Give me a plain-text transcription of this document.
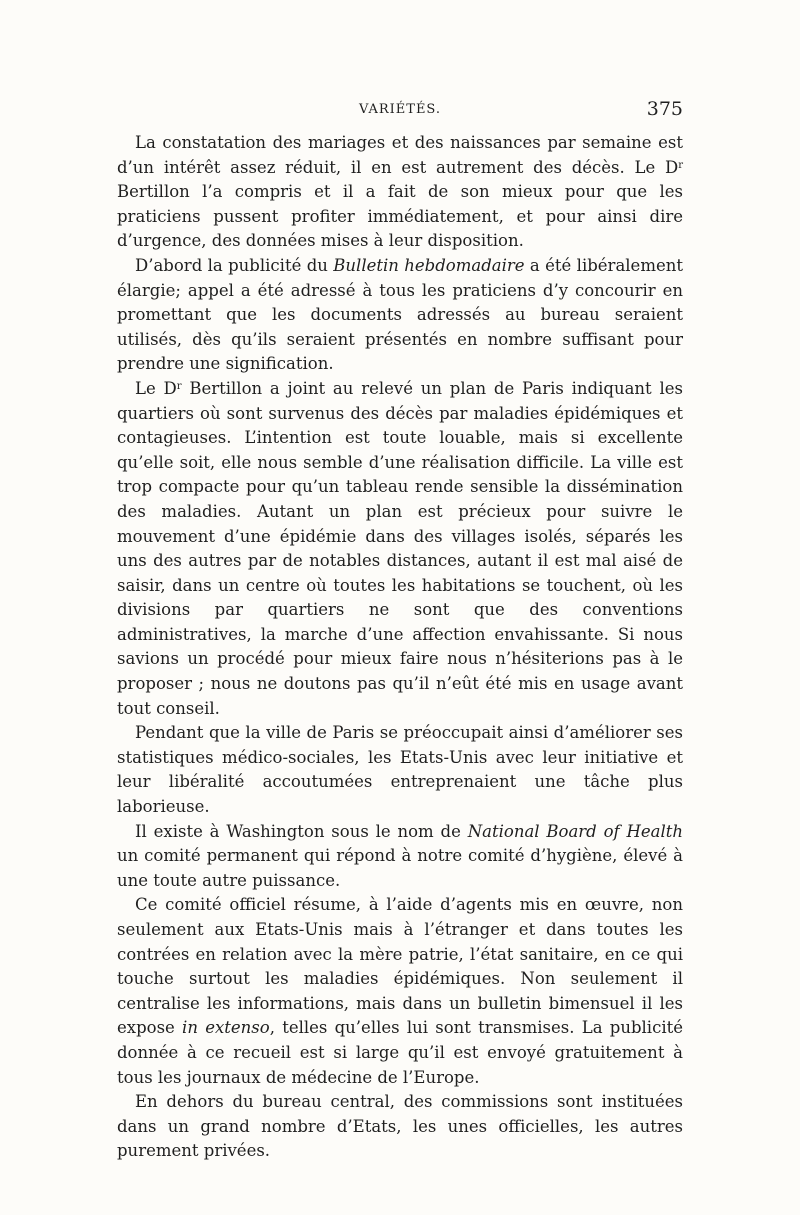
VARIÉTÉS.	375

La constatation des mariages et des naissances par semaine est d’un intérêt assez réduit, il en est autrement des décès. Le $D^r$ Bertillon l’a compris et il a fait de son mieux pour que les praticiens pussent profiter immédiatement, et pour ainsi dire d’urgence, des données mises à leur disposition.

D’abord la publicité du Bulletin hebdomadaire a été libéralement élargie; appel a été adressé à tous les praticiens d’y concourir en promettant que les documents adressés au bureau seraient utilisés, dès qu’ils seraient présentés en nombre suffisant pour prendre une signification.

Le $D^r$ Bertillon a joint au relevé un plan de Paris indiquant les quartiers où sont survenus des décès par maladies épidémiques et contagieuses. L’intention est toute louable, mais si excellente qu’elle soit, elle nous semble d’une réalisation difficile. La ville est trop compacte pour qu’un tableau rende sensible la dissémination des maladies. Autant un plan est précieux pour suivre le mouvement d’une épidémie dans des villages isolés, séparés les uns des autres par de notables distances, autant il est mal aisé de saisir, dans un centre où toutes les habitations se touchent, où les divisions par quartiers ne sont que des conventions administratives, la marche d’une affection envahissante. Si nous savions un procédé pour mieux faire nous n’hésiterions pas à le proposer ; nous ne doutons pas qu’il n’eût été mis en usage avant tout conseil.

Pendant que la ville de Paris se préoccupait ainsi d’améliorer ses statistiques médico-sociales, les Etats-Unis avec leur initiative et leur libéralité accoutumées entreprenaient une tâche plus laborieuse.

Il existe à Washington sous le nom de National Board of Health un comité permanent qui répond à notre comité d’hygiène, élevé à une toute autre puissance.

Ce comité officiel résume, à l’aide d’agents mis en œuvre, non seulement aux Etats-Unis mais à l’étranger et dans toutes les contrées en relation avec la mère patrie, l’état sanitaire, en ce qui touche surtout les maladies épidémiques. Non seulement il centralise les informations, mais dans un bulletin bimensuel il les expose in extenso, telles qu’elles lui sont transmises. La publicité donnée à ce recueil est si large qu’il est envoyé gratuitement à tous les journaux de médecine de l’Europe.

En dehors du bureau central, des commissions sont instituées dans un grand nombre d’Etats, les unes officielles, les autres purement privées.
